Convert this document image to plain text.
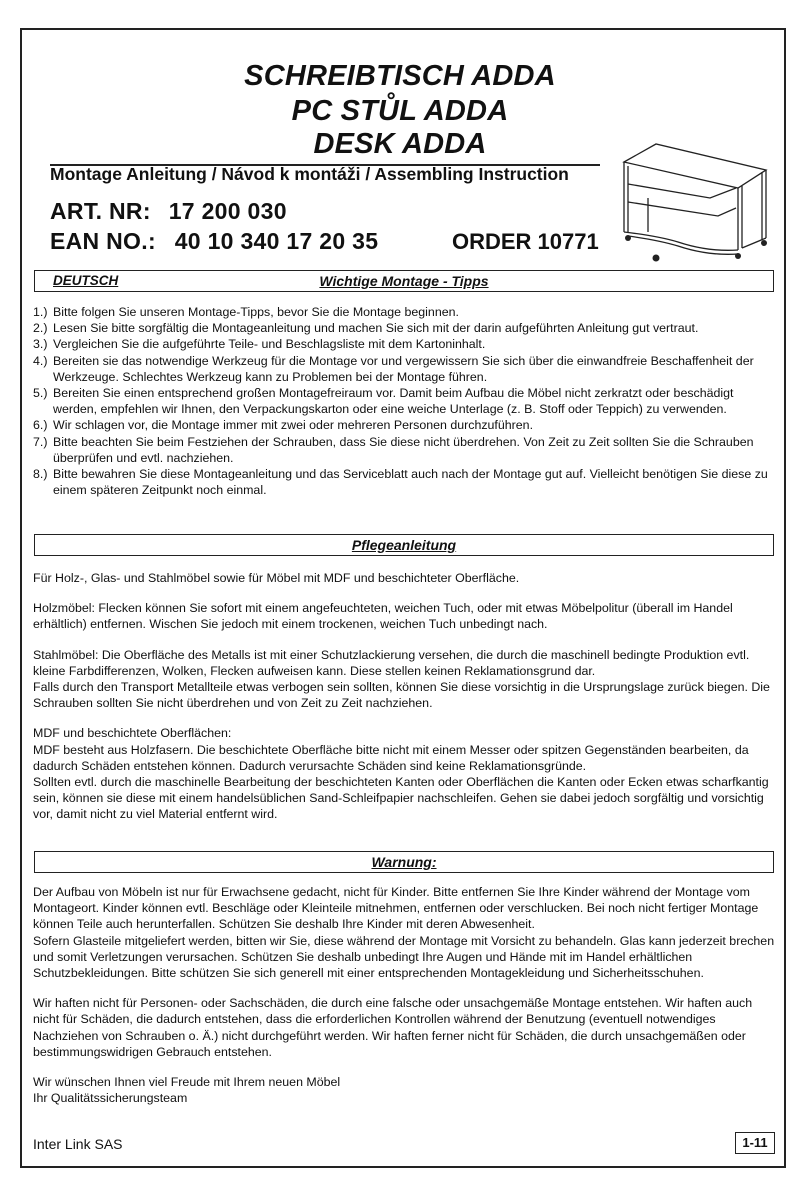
SCHREIBTISCH ADDA
PC STŮL ADDA
DESK ADDA
Montage Anleitung / Návod k montáži / Assembling Instruction
ART. NR: 17 200 030
EAN NO.: 40 10 340 17 20 35	ORDER 10771
DEUTSCH	Wichtige Montage - Tipps
1.) Bitte folgen Sie unseren Montage-Tipps, bevor Sie die Montage beginnen.
2.) Lesen Sie bitte sorgfältig die Montageanleitung und machen Sie sich mit der darin aufgeführten Anleitung gut vertraut.
3.) Vergleichen Sie die aufgeführte Teile- und Beschlagsliste mit dem Kartoninhalt.
4.) Bereiten sie das notwendige Werkzeug für die Montage vor und vergewissern Sie sich über die einwandfreie Beschaffenheit der Werkzeuge. Schlechtes Werkzeug kann zu Problemen bei der Montage führen.
5.) Bereiten Sie einen entsprechend großen Montagefreiraum vor. Damit beim Aufbau die Möbel nicht zerkratzt oder beschädigt werden, empfehlen wir Ihnen, den Verpackungskarton oder eine weiche Unterlage (z. B. Stoff oder Teppich) zu verwenden.
6.) Wir schlagen vor, die Montage immer mit zwei oder mehreren Personen durchzuführen.
7.) Bitte beachten Sie beim Festziehen der Schrauben, dass Sie diese nicht überdrehen. Von Zeit zu Zeit sollten Sie die Schrauben überprüfen und evtl. nachziehen.
8.) Bitte bewahren Sie diese Montageanleitung und das Serviceblatt auch nach der Montage gut auf. Vielleicht benötigen Sie diese zu einem späteren Zeitpunkt noch einmal.
Pflegeanleitung

Für Holz-, Glas- und Stahlmöbel sowie für Möbel mit MDF und beschichteter Oberfläche.

Holzmöbel: Flecken können Sie sofort mit einem angefeuchteten, weichen Tuch, oder mit etwas Möbelpolitur (überall im Handel erhältlich) entfernen. Wischen Sie jedoch mit einem trockenen, weichen Tuch unbedingt nach.

Stahlmöbel: Die Oberfläche des Metalls ist mit einer Schutzlackierung versehen, die durch die maschinell bedingte Produktion evtl. kleine Farbdifferenzen, Wolken, Flecken aufweisen kann. Diese stellen keinen Reklamationsgrund dar.

Falls durch den Transport Metallteile etwas verbogen sein sollten, können Sie diese vorsichtig in die Ursprungslage zurück biegen. Die Schrauben sollten Sie nicht überdrehen und von Zeit zu Zeit nachziehen.

MDF und beschichtete Oberflächen:

MDF besteht aus Holzfasern. Die beschichtete Oberfläche bitte nicht mit einem Messer oder spitzen Gegenständen bearbeiten, da dadurch Schäden entstehen können. Dadurch verursachte Schäden sind keine Reklamationsgründe.

Sollten evtl. durch die maschinelle Bearbeitung der beschichteten Kanten oder Oberflächen die Kanten oder Ecken etwas scharfkantig sein, können sie diese mit einem handelsüblichen Sand-Schleifpapier nachschleifen. Gehen sie dabei jedoch sorgfältig und vorsichtig vor, damit nicht zu viel Material entfernt wird.

Warnung:

Der Aufbau von Möbeln ist nur für Erwachsene gedacht, nicht für Kinder. Bitte entfernen Sie Ihre Kinder während der Montage vom Montageort. Kinder können evtl. Beschläge oder Kleinteile mitnehmen, entfernen oder verschlucken. Bei noch nicht fertiger Montage können Teile auch herunterfallen. Schützen Sie deshalb Ihre Kinder mit deren Abwesenheit.

Sofern Glasteile mitgeliefert werden, bitten wir Sie, diese während der Montage mit Vorsicht zu behandeln. Glas kann jederzeit brechen und somit Verletzungen verursachen. Schützen Sie deshalb unbedingt Ihre Augen und Hände mit im Handel erhältlichen Schutzbekleidungen. Bitte schützen Sie sich generell mit einer entsprechenden Montagekleidung und Sicherheitsschuhen.

Wir haften nicht für Personen- oder Sachschäden, die durch eine falsche oder unsachgemäße Montage entstehen. Wir haften auch nicht für Schäden, die dadurch entstehen, dass die erforderlichen Kontrollen während der Benutzung (eventuell notwendiges Nachziehen von Schrauben o. Ä.) nicht durchgeführt werden. Wir haften ferner nicht für Schäden, die durch unsachgemäßen oder bestimmungswidrigen Gebrauch entstehen.

Wir wünschen Ihnen viel Freude mit Ihrem neuen Möbel

Ihr Qualitätssicherungsteam

Inter Link SAS	1-11
